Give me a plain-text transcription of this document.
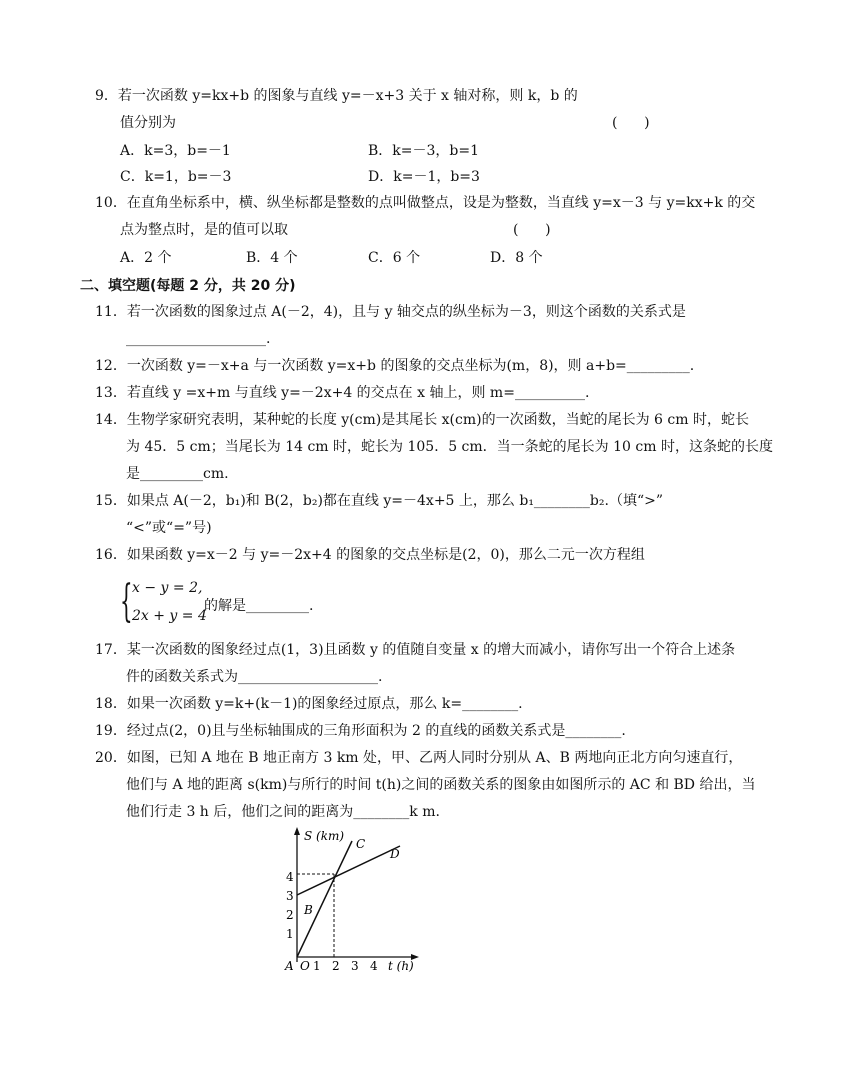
9．若一次函数 y=kx+b 的图象与直线 y=－x+3 关于 x 轴对称，则 k，b 的
值分别为	(      )
A．k=3，b=－1	B．k=－3，b=1
C．k=1，b=－3	D．k=－1，b=3
10．在直角坐标系中，横、纵坐标都是整数的点叫做整点，设是为整数，当直线 y=x－3 与 y=kx+k 的交
点为整点时，是的值可以取	(      )
A．2 个	B．4 个	C．6 个	D．8 个
二、填空题(每题 2 分，共 20 分)
11．若一次函数的图象过点 A(－2，4)，且与 y 轴交点的纵坐标为－3，则这个函数的关系式是
____________________.
12．一次函数 y=－x+a 与一次函数 y=x+b 的图象的交点坐标为(m，8)，则 a+b=_________.
13．若直线 y =x+m 与直线 y=－2x+4 的交点在 x 轴上，则 m=__________.
14．生物学家研究表明，某种蛇的长度 y(cm)是其尾长 x(cm)的一次函数，当蛇的尾长为 6 cm 时，蛇长
为 45．5 cm；当尾长为 14 cm 时，蛇长为 105．5 cm．当一条蛇的尾长为 10 cm 时，这条蛇的长度
是_________cm.
15．如果点 A(－2，b₁)和 B(2，b₂)都在直线 y=－4x+5 上，那么 b₁________b₂.（填“>”
“<”或“=”号)
16．如果函数 y=x－2 与 y=－2x+4 的图象的交点坐标是(2，0)，那么二元一次方程组
{ x − y = 2,
2x + y = 4
的解是_________.
17．某一次函数的图象经过点(1，3)且函数 y 的值随自变量 x 的增大而减小，请你写出一个符合上述条
件的函数关系式为____________________.
18．如果一次函数 y=k+(k－1)的图象经过原点，那么 k=________.
19．经过点(2，0)且与坐标轴围成的三角形面积为 2 的直线的函数关系式是________.
20．如图，已知 A 地在 B 地正南方 3 km 处，甲、乙两人同时分别从 A、B 两地向正北方向匀速直行，
他们与 A 地的距离 s(km)与所行的时间 t(h)之间的函数关系的图象由如图所示的 AC 和 BD 给出，当
他们行走 3 h 后，他们之间的距离为________k m.
S (km)
t (h)
1
2
3
4
1 2 3 4
O
A
B
C
D
